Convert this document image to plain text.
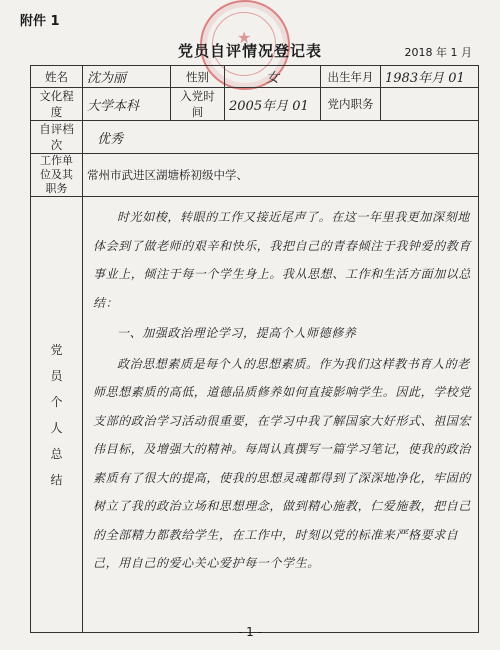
★
附件 1
党员自评情况登记表	2018 年 1 月
姓名	沈为丽	性别	女	出生年月	1983年月 01
文化程度	大学本科	入党时间	2005年月 01	党内职务	
自评档次	优秀				
工作单位及其职务	常州市武进区湖塘桥初级中学、				
党员个人总结	时光如梭，转眼的工作又接近尾声了。在这一年里我更加深刻地体会到了做老师的艰辛和快乐，我把自己的青春倾注于我钟爱的教育事业上，倾注于每一个学生身上。我从思想、工作和生活方面加以总结：

一、加强政治理论学习，提高个人师德修养

政治思想素质是每个人的思想素质。作为我们这样教书育人的老师思想素质的高低，道德品质修养如何直接影响学生。因此，学校党支部的政治学习活动很重要，在学习中我了解国家大好形式、祖国宏伟目标，及增强大的精神。每周认真撰写一篇学习笔记，使我的政治素质有了很大的提高，使我的思想灵魂都得到了深深地净化，牢固的树立了我的政治立场和思想理念，做到精心施教，仁爱施教，把自己的全部精力都教给学生，在工作中，时刻以党的标准来严格要求自己，用自己的爱心关心爱护每一个学生。				

- 1 -
